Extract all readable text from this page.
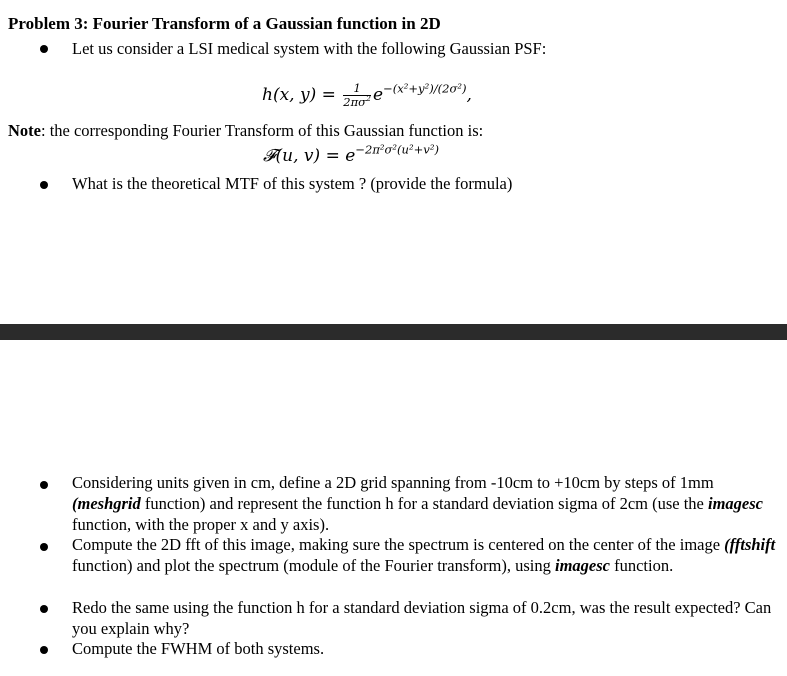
Problem 3: Fourier Transform of a Gaussian function in 2D
Let us consider a LSI medical system with the following Gaussian PSF:
h(x, $y) = \frac{1}{2\pi\sigma^2} e^{-(x^2+y^2)/(2\sigma^2)}$,
Note: the corresponding Fourier Transform of this Gaussian function is:
𝓕(u, $v) = e^{-2\pi^2\sigma^2(u^2+v^2)}$
What is the theoretical MTF of this system ? (provide the formula)
Considering units given in cm, define a 2D grid spanning from -10cm to +10cm by steps of 1mm (meshgrid function) and represent the function h for a standard deviation sigma of 2cm (use the imagesc function, with the proper x and y axis).
Compute the 2D fft of this image, making sure the spectrum is centered on the center of the image (fftshift function) and plot the spectrum (module of the Fourier transform), using imagesc function.
Redo the same using the function h for a standard deviation sigma of 0.2cm, was the result expected? Can you explain why?
Compute the FWHM of both systems.
